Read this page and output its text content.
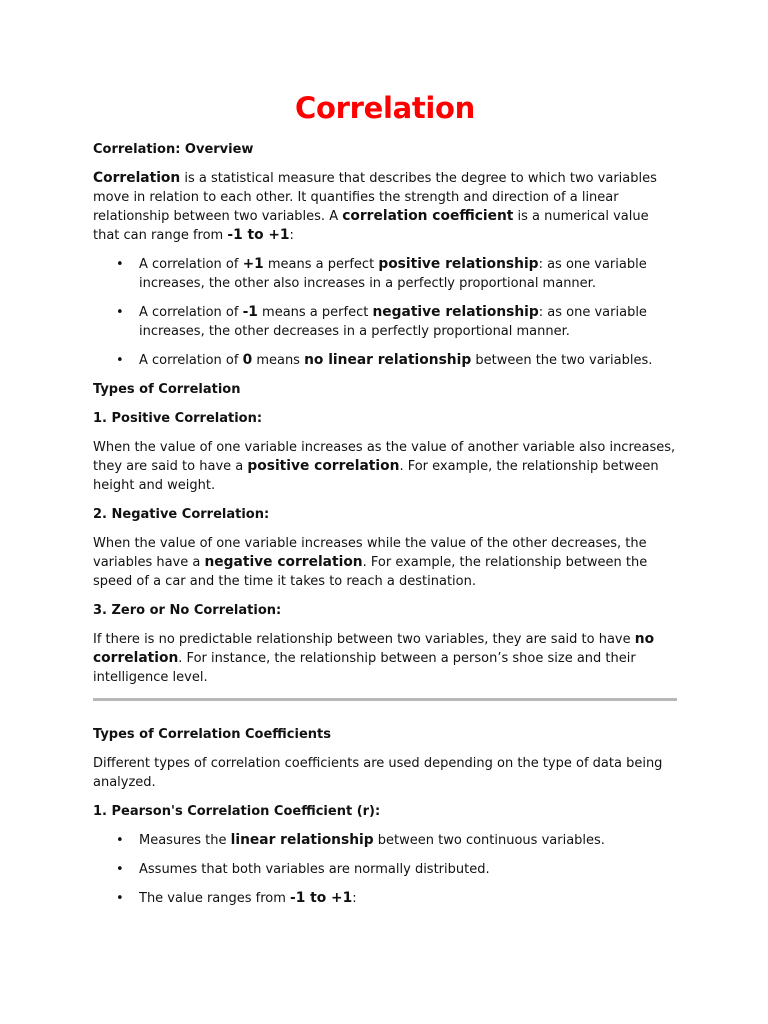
Correlation
Correlation: Overview
Correlation is a statistical measure that describes the degree to which two variables move in relation to each other. It quantifies the strength and direction of a linear relationship between two variables. A correlation coefficient is a numerical value that can range from -1 to +1:
• A correlation of +1 means a perfect positive relationship: as one variable increases, the other also increases in a perfectly proportional manner.
• A correlation of -1 means a perfect negative relationship: as one variable increases, the other decreases in a perfectly proportional manner.
• A correlation of 0 means no linear relationship between the two variables.
Types of Correlation
1. Positive Correlation:
When the value of one variable increases as the value of another variable also increases, they are said to have a positive correlation. For example, the relationship between height and weight.
2. Negative Correlation:
When the value of one variable increases while the value of the other decreases, the variables have a negative correlation. For example, the relationship between the speed of a car and the time it takes to reach a destination.
3. Zero or No Correlation:
If there is no predictable relationship between two variables, they are said to have no correlation. For instance, the relationship between a person’s shoe size and their intelligence level.
Types of Correlation Coefficients
Different types of correlation coefficients are used depending on the type of data being analyzed.
1. Pearson's Correlation Coefficient (r):
• Measures the linear relationship between two continuous variables.
• Assumes that both variables are normally distributed.
• The value ranges from -1 to +1:
